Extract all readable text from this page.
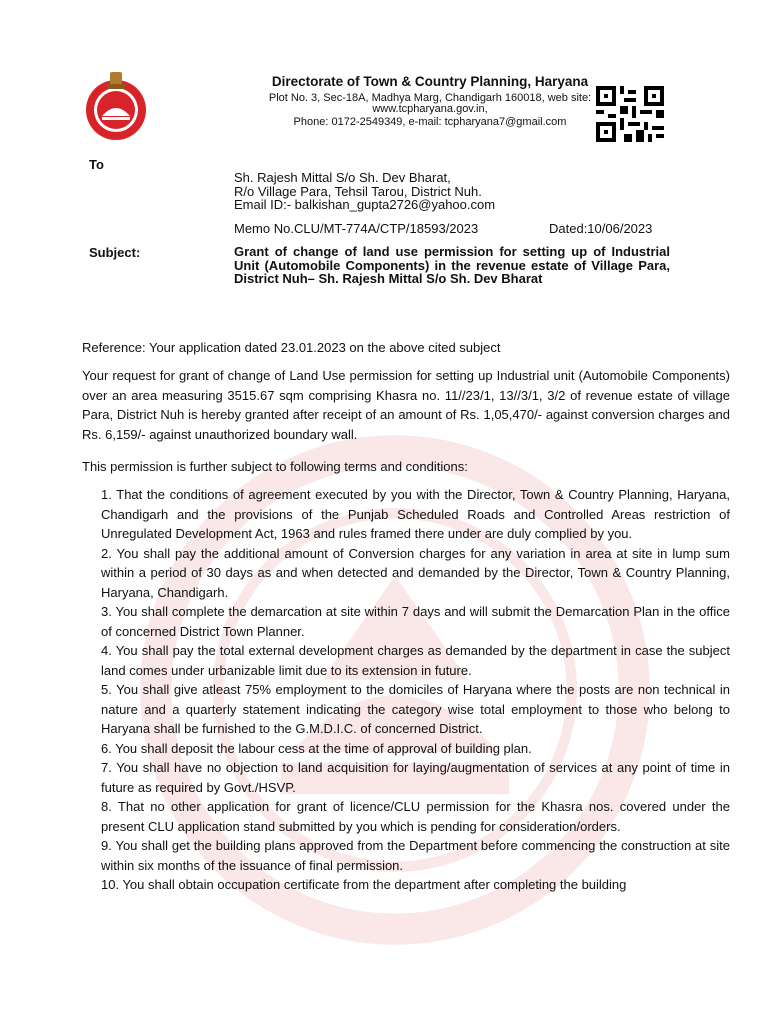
Directorate of Town & Country Planning, Haryana
Plot No. 3, Sec-18A, Madhya Marg, Chandigarh 160018, web site:
www.tcpharyana.gov.in,
Phone: 0172-2549349, e-mail: tcpharyana7@gmail.com
To
Sh. Rajesh Mittal S/o Sh. Dev Bharat,
R/o Village Para, Tehsil Tarou, District Nuh.
Email ID:- balkishan_gupta2726@yahoo.com
Memo No.CLU/MT-774A/CTP/18593/2023	Dated:10/06/2023
Subject:	Grant of change of land use permission for setting up of Industrial Unit (Automobile Components) in the revenue estate of Village Para, District Nuh– Sh. Rajesh Mittal S/o Sh. Dev Bharat
Reference: Your application dated 23.01.2023 on the above cited subject
Your request for grant of change of Land Use permission for setting up Industrial unit (Automobile Components) over an area measuring 3515.67 sqm comprising Khasra no. 11//23/1, 13//3/1, 3/2 of revenue estate of village Para, District Nuh is hereby granted after receipt of an amount of Rs. 1,05,470/- against conversion charges and Rs. 6,159/- against unauthorized boundary wall.
This permission is further subject to following terms and conditions:

1. That the conditions of agreement executed by you with the Director, Town & Country Planning, Haryana, Chandigarh and the provisions of the Punjab Scheduled Roads and Controlled Areas restriction of Unregulated Development Act, 1963 and rules framed there under are duly complied by you.

2. You shall pay the additional amount of Conversion charges for any variation in area at site in lump sum within a period of 30 days as and when detected and demanded by the Director, Town & Country Planning, Haryana, Chandigarh.

3. You shall complete the demarcation at site within 7 days and will submit the Demarcation Plan in the office of concerned District Town Planner.

4. You shall pay the total external development charges as demanded by the department in case the subject land comes under urbanizable limit due to its extension in future.

5. You shall give atleast 75% employment to the domiciles of Haryana where the posts are non technical in nature and a quarterly statement indicating the category wise total employment to those who belong to Haryana shall be furnished to the G.M.D.I.C. of concerned District.

6. You shall deposit the labour cess at the time of approval of building plan.

7. You shall have no objection to land acquisition for laying/augmentation of services at any point of time in future as required by Govt./HSVP.

8. That no other application for grant of licence/CLU permission for the Khasra nos. covered under the present CLU application stand submitted by you which is pending for consideration/orders.

9. You shall get the building plans approved from the Department before commencing the construction at site within six months of the issuance of final permission.

10. You shall obtain occupation certificate from the department after completing the building
